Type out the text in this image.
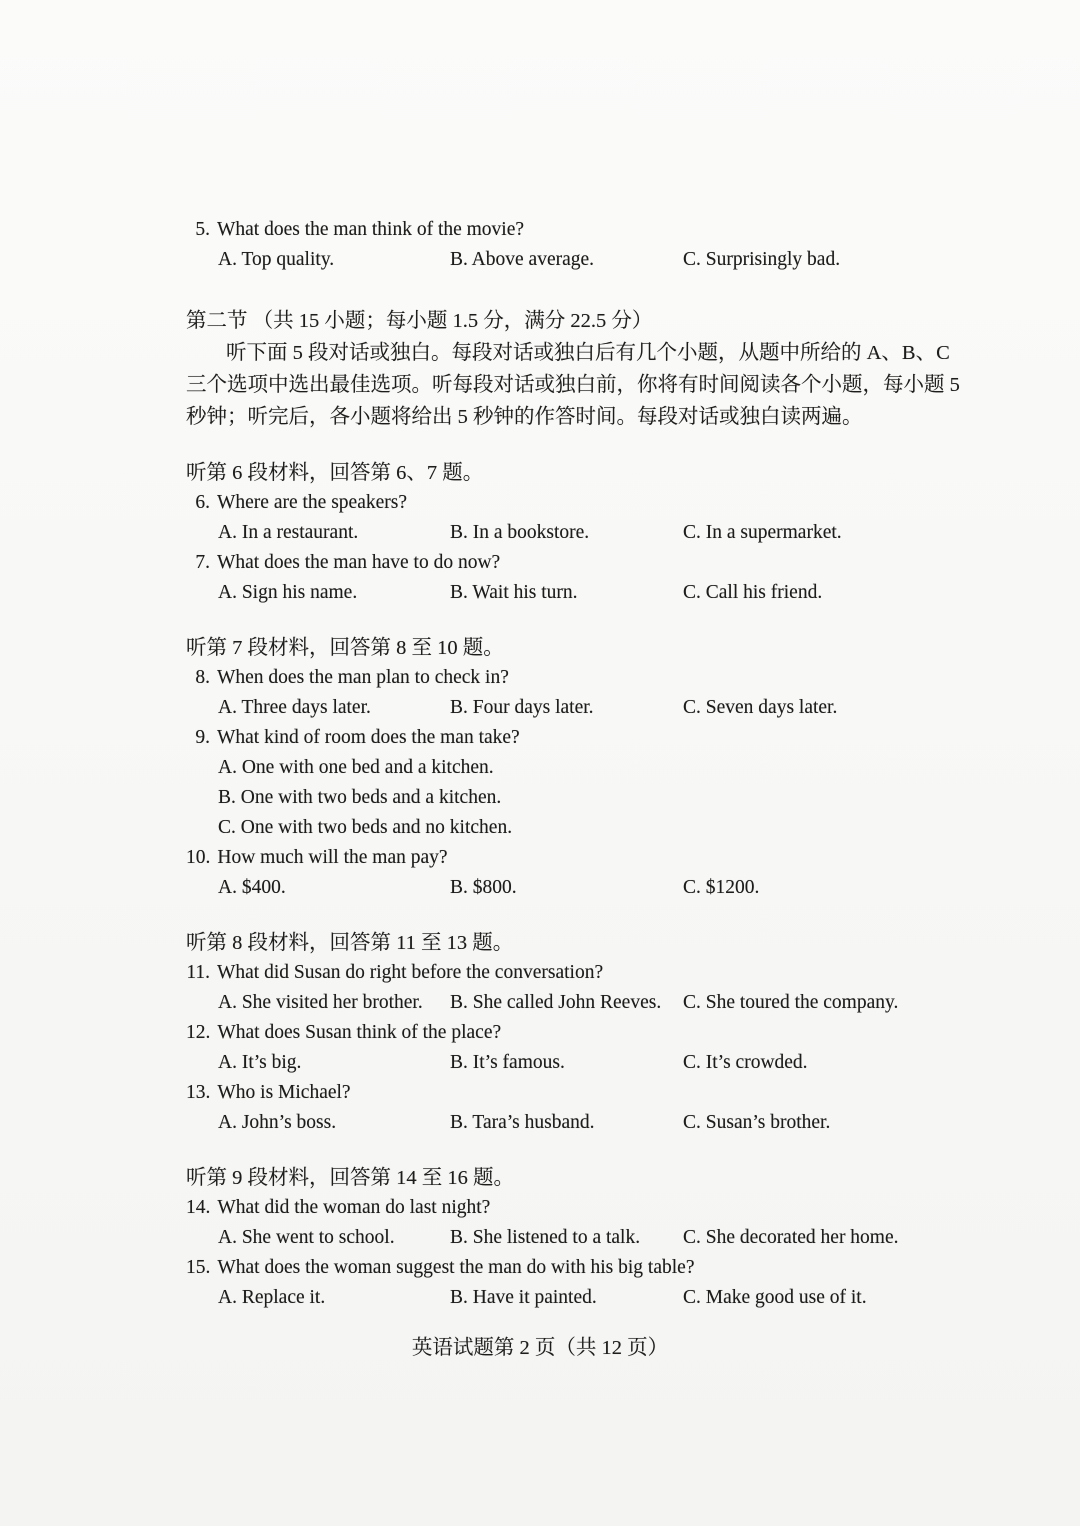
5. What does the man think of the movie?
A. Top quality.	B. Above average.	C. Surprisingly bad.
第二节 （共 15 小题；每小题 1.5 分，满分 22.5 分）
听下面 5 段对话或独白。每段对话或独白后有几个小题，从题中所给的 A、B、C
三个选项中选出最佳选项。听每段对话或独白前，你将有时间阅读各个小题，每小题 5
秒钟；听完后，各小题将给出 5 秒钟的作答时间。每段对话或独白读两遍。
听第 6 段材料，回答第 6、7 题。
6. Where are the speakers?
A. In a restaurant.	B. In a bookstore.	C. In a supermarket.
7. What does the man have to do now?
A. Sign his name.	B. Wait his turn.	C. Call his friend.
听第 7 段材料，回答第 8 至 10 题。
8. When does the man plan to check in?
A. Three days later.	B. Four days later.	C. Seven days later.
9. What kind of room does the man take?
A. One with one bed and a kitchen.
B. One with two beds and a kitchen.
C. One with two beds and no kitchen.
10. How much will the man pay?
A. $400.	B. $800.	C. $1200.
听第 8 段材料，回答第 11 至 13 题。
11. What did Susan do right before the conversation?
A. She visited her brother.	B. She called John Reeves.	C. She toured the company.
12. What does Susan think of the place?
A. It’s big.	B. It’s famous.	C. It’s crowded.
13. Who is Michael?
A. John’s boss.	B. Tara’s husband.	C. Susan’s brother.
听第 9 段材料，回答第 14 至 16 题。
14. What did the woman do last night?
A. She went to school.	B. She listened to a talk.	C. She decorated her home.
15. What does the woman suggest the man do with his big table?
A. Replace it.	B. Have it painted.	C. Make good use of it.
英语试题第 2 页（共 12 页）
